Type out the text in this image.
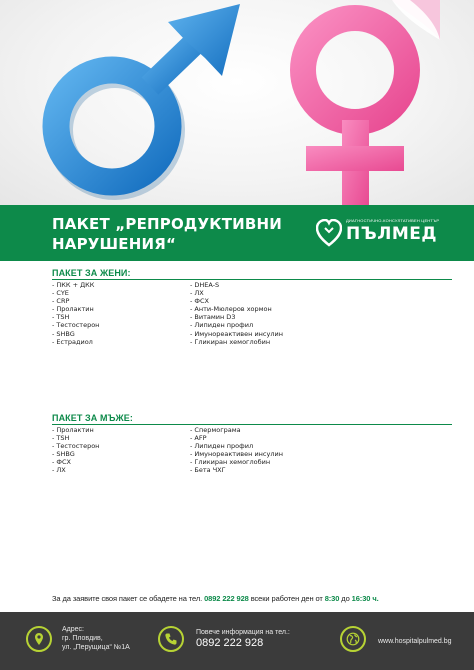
ПАКЕТ „РЕПРОДУКТИВНИ
НАРУШЕНИЯ“
ДИАГНОСТИЧНО-КОНСУЛТАТИВЕН ЦЕНТЪР
ПЪЛМЕД
ПАКЕТ ЗА ЖЕНИ:
- ПКК + ДКК
- CYE
- CRP
- Пролактин
- TSH
- Тестостерон
- SHBG
- Естрадиол
- DHEA-S
- ЛХ
- ФСХ
- Анти-Мюлеров хормон
- Витамин D3
- Липиден профил
- Имунореактивен инсулин
- Гликиран хемоглобин
ПАКЕТ ЗА МЪЖЕ:
- Пролактин
- TSH
- Тестостерон
- SHBG
- ФСХ
- ЛХ
- Спермограма
- AFP
- Липиден профил
- Имунореактивен инсулин
- Гликиран хемоглобин
- Бета ЧХГ
За да заявите своя пакет се обадете на тел. 0892 222 928 всеки работен ден от 8:30 до 16:30 ч.
Адрес:
гр. Пловдив,
ул. „Перущица“ №1А
Повече информация на тел.:
0892 222 928	www.hospitalpulmed.bg
